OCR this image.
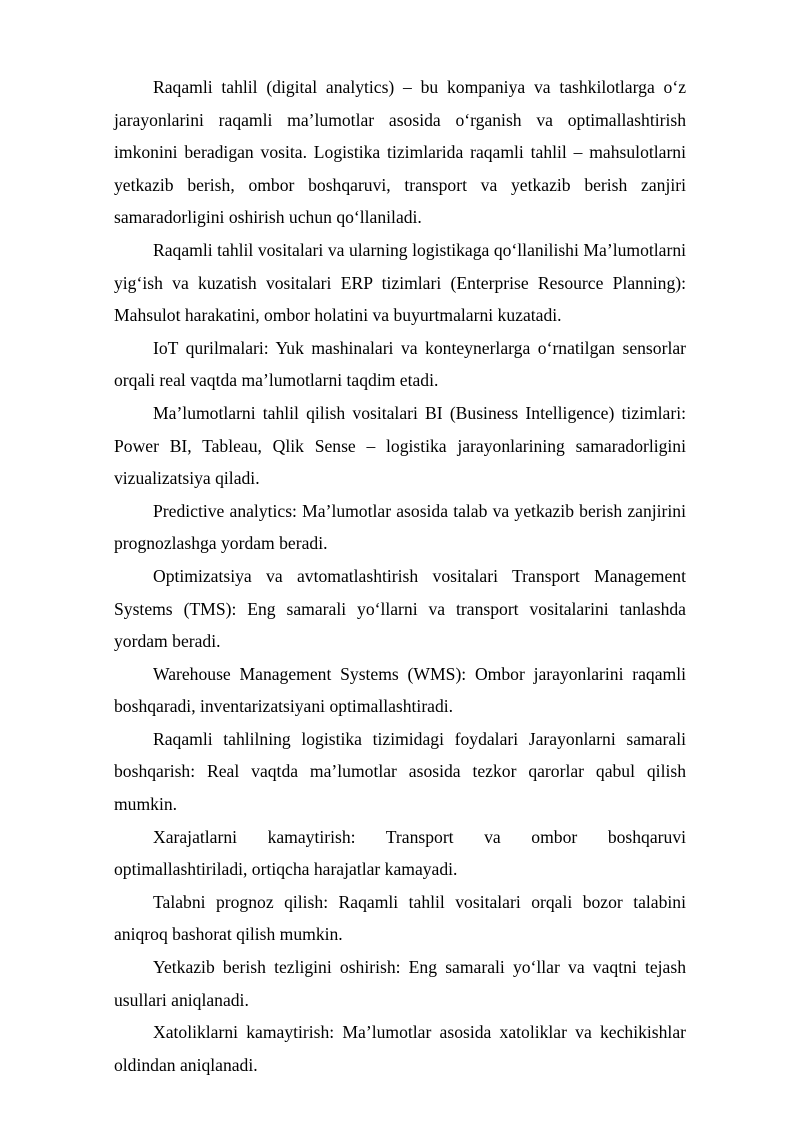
Raqamli tahlil (digital analytics) – bu kompaniya va tashkilotlarga o‘z jarayonlarini raqamli ma’lumotlar asosida o‘rganish va optimallashtirish imkonini beradigan vosita. Logistika tizimlarida raqamli tahlil – mahsulotlarni yetkazib berish, ombor boshqaruvi, transport va yetkazib berish zanjiri samaradorligini oshirish uchun qo‘llaniladi.

Raqamli tahlil vositalari va ularning logistikaga qo‘llanilishi Ma’lumotlarni yig‘ish va kuzatish vositalari ERP tizimlari (Enterprise Resource Planning): Mahsulot harakatini, ombor holatini va buyurtmalarni kuzatadi.

IoT qurilmalari: Yuk mashinalari va konteynerlarga o‘rnatilgan sensorlar orqali real vaqtda ma’lumotlarni taqdim etadi.

Ma’lumotlarni tahlil qilish vositalari BI (Business Intelligence) tizimlari: Power BI, Tableau, Qlik Sense – logistika jarayonlarining samaradorligini vizualizatsiya qiladi.

Predictive analytics: Ma’lumotlar asosida talab va yetkazib berish zanjirini prognozlashga yordam beradi.

Optimizatsiya va avtomatlashtirish vositalari Transport Management Systems (TMS): Eng samarali yo‘llarni va transport vositalarini tanlashda yordam beradi.

Warehouse Management Systems (WMS): Ombor jarayonlarini raqamli boshqaradi, inventarizatsiyani optimallashtiradi.

Raqamli tahlilning logistika tizimidagi foydalari Jarayonlarni samarali boshqarish: Real vaqtda ma’lumotlar asosida tezkor qarorlar qabul qilish mumkin.

Xarajatlarni kamaytirish: Transport va ombor boshqaruvi optimallashtiriladi, ortiqcha harajatlar kamayadi.

Talabni prognoz qilish: Raqamli tahlil vositalari orqali bozor talabini aniqroq bashorat qilish mumkin.

Yetkazib berish tezligini oshirish: Eng samarali yo‘llar va vaqtni tejash usullari aniqlanadi.

Xatoliklarni kamaytirish: Ma’lumotlar asosida xatoliklar va kechikishlar oldindan aniqlanadi.
